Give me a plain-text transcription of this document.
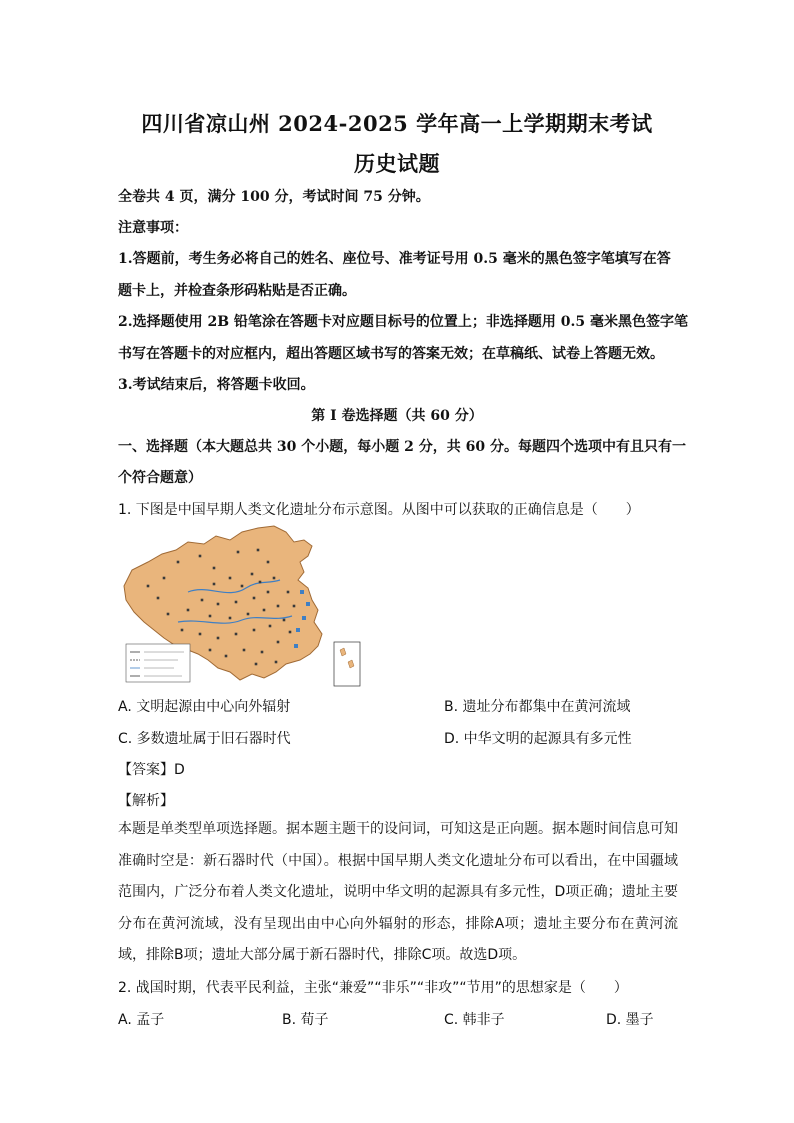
四川省凉山州 2024-2025 学年高一上学期期末考试
历史试题
全卷共 4 页，满分 100 分，考试时间 75 分钟。
注意事项：
1.答题前，考生务必将自己的姓名、座位号、准考证号用 0.5 毫米的黑色签字笔填写在答
题卡上，并检查条形码粘贴是否正确。
2.选择题使用 2B 铅笔涂在答题卡对应题目标号的位置上；非选择题用 0.5 毫米黑色签字笔
书写在答题卡的对应框内，超出答题区域书写的答案无效；在草稿纸、试卷上答题无效。
3.考试结束后，将答题卡收回。
第 I 卷选择题（共 60 分）
一、选择题（本大题总共 30 个小题，每小题 2 分，共 60 分。每题四个选项中有且只有一
个符合题意）
1. 下图是中国早期人类文化遗址分布示意图。从图中可以获取的正确信息是（　　）
A. 文明起源由中心向外辐射	B. 遗址分布都集中在黄河流域
C. 多数遗址属于旧石器时代	D. 中华文明的起源具有多元性
【答案】D
【解析】
本题是单类型单项选择题。据本题主题干的设问词，可知这是正向题。据本题时间信息可知准确时空是：新石器时代（中国）。根据中国早期人类文化遗址分布可以看出，在中国疆域范围内，广泛分布着人类文化遗址，说明中华文明的起源具有多元性，D项正确；遗址主要分布在黄河流域，没有呈现出由中心向外辐射的形态，排除A项；遗址主要分布在黄河流域，排除B项；遗址大部分属于新石器时代，排除C项。故选D项。
2. 战国时期，代表平民利益，主张“兼爱”“非乐”“非攻”“节用”的思想家是（　　）
A. 孟子	B. 荀子	C. 韩非子	D. 墨子
